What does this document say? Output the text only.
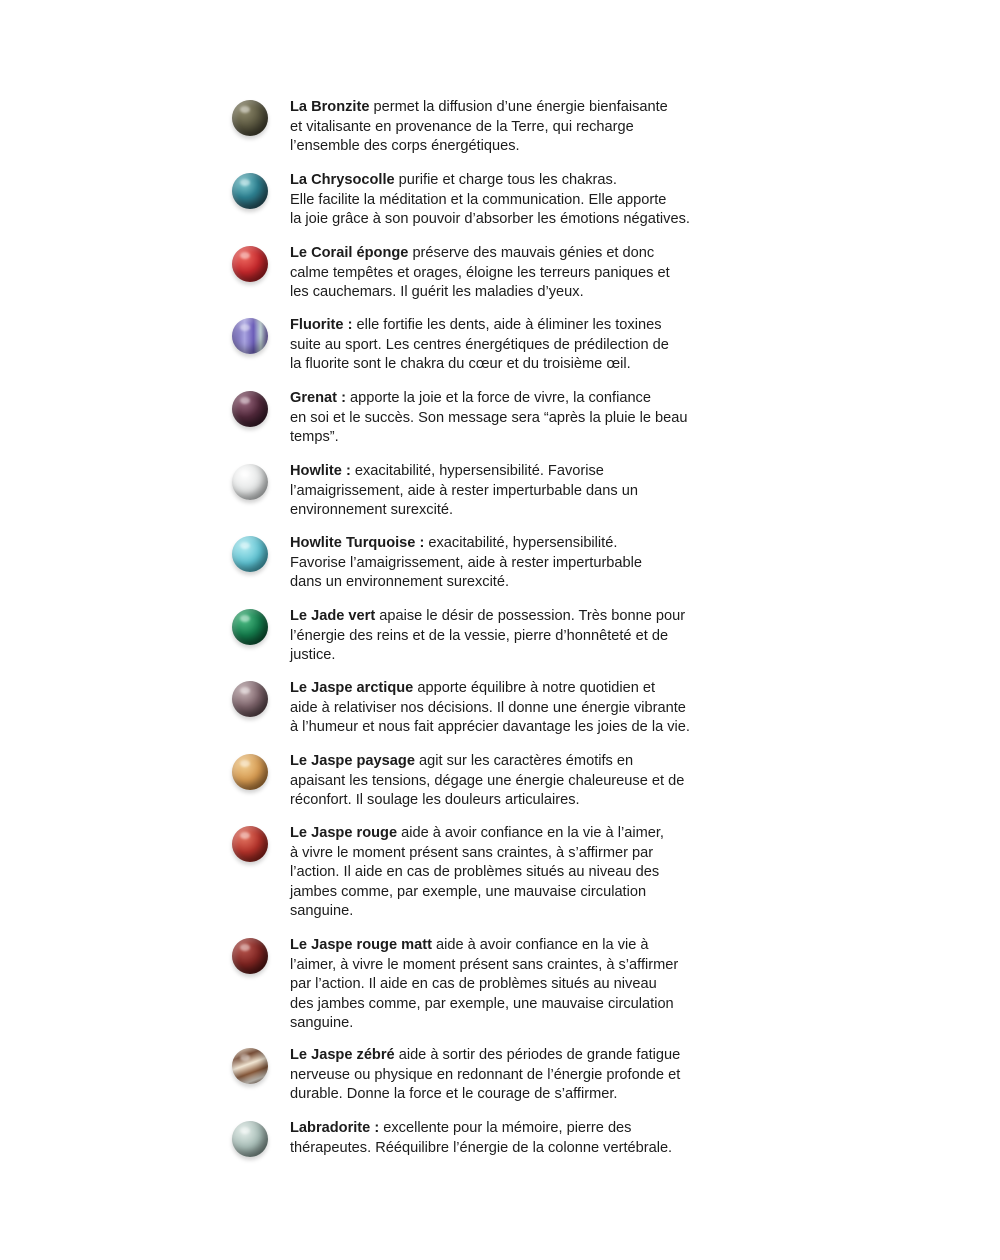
La Bronzite permet la diffusion d’une énergie bienfaisante
et vitalisante en provenance de la Terre, qui recharge
l’ensemble des corps énergétiques.

La Chrysocolle purifie et charge tous les chakras.
Elle facilite la méditation et la communication. Elle apporte
la joie grâce à son pouvoir d’absorber les émotions négatives.

Le Corail éponge préserve des mauvais génies et donc
calme tempêtes et orages, éloigne les terreurs paniques et
les cauchemars. Il guérit les maladies d’yeux.

Fluorite : elle fortifie les dents, aide à éliminer les toxines
suite au sport. Les centres énergétiques de prédilection de
la fluorite sont le chakra du cœur et du troisième œil.

Grenat : apporte la joie et la force de vivre, la confiance
en soi et le succès. Son message sera “après la pluie le beau
temps”.

Howlite : exacitabilité, hypersensibilité. Favorise
l’amaigrissement, aide à rester imperturbable dans un
environnement surexcité.

Howlite Turquoise : exacitabilité, hypersensibilité.
Favorise l’amaigrissement, aide à rester imperturbable
dans un environnement surexcité.

Le Jade vert apaise le désir de possession. Très bonne pour
l’énergie des reins et de la vessie, pierre d’honnêteté et de
justice.

Le Jaspe arctique apporte équilibre à notre quotidien et
aide à relativiser nos décisions. Il donne une énergie vibrante
à l’humeur et nous fait apprécier davantage les joies de la vie.

Le Jaspe paysage agit sur les caractères émotifs en
apaisant les tensions, dégage une énergie chaleureuse et de
réconfort. Il soulage les douleurs articulaires.

Le Jaspe rouge aide à avoir confiance en la vie à l’aimer,
à vivre le moment présent sans craintes, à s’affirmer par
l’action. Il aide en cas de problèmes situés au niveau des
jambes comme, par exemple, une mauvaise circulation
sanguine.

Le Jaspe rouge matt aide à avoir confiance en la vie à
l’aimer, à vivre le moment présent sans craintes, à s’affirmer
par l’action. Il aide en cas de problèmes situés au niveau
des jambes comme, par exemple, une mauvaise circulation
sanguine.

Le Jaspe zébré aide à sortir des périodes de grande fatigue
nerveuse ou physique en redonnant de l’énergie profonde et
durable. Donne la force et le courage de s’affirmer.

Labradorite : excellente pour la mémoire, pierre des
thérapeutes. Rééquilibre l’énergie de la colonne vertébrale.
